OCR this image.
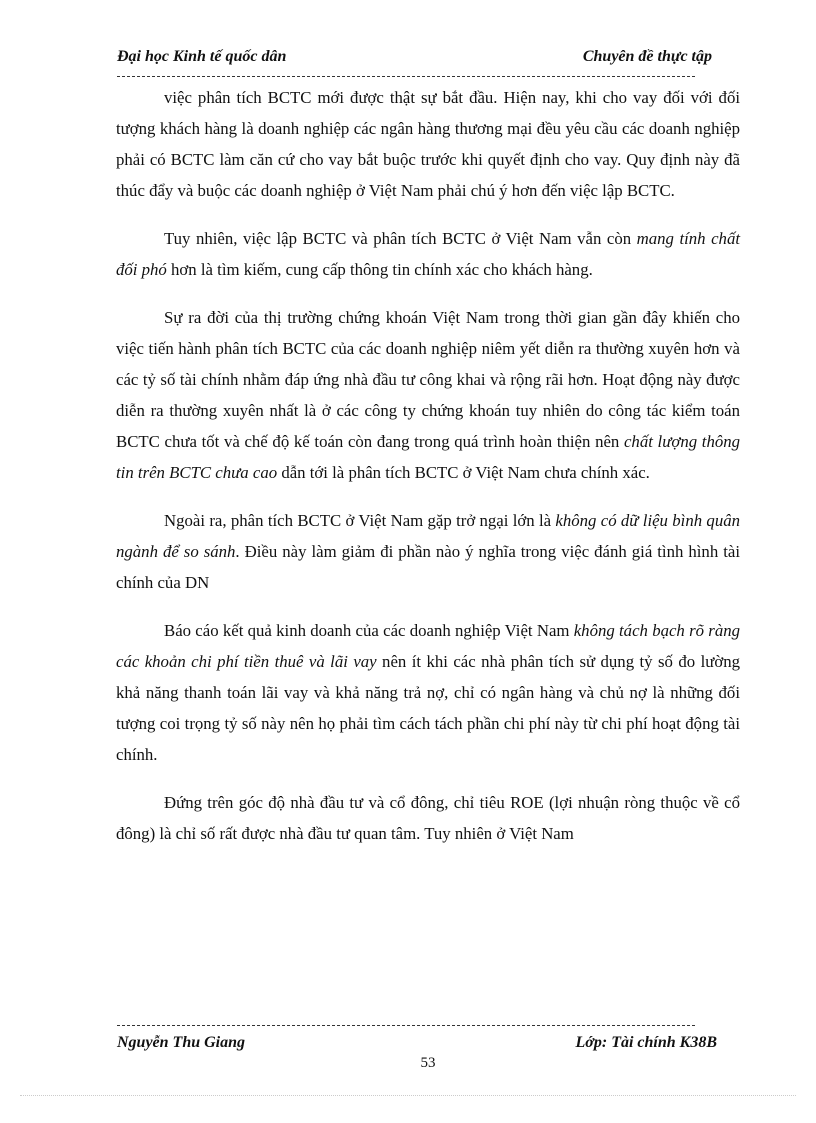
Đại học Kinh tế quốc dân	Chuyên đề thực tập

việc phân tích BCTC mới được thật sự bắt đầu. Hiện nay, khi cho vay đối với đối tượng khách hàng là doanh nghiệp các ngân hàng thương mại đều yêu cầu các doanh nghiệp phải có BCTC làm căn cứ cho vay bắt buộc trước khi quyết định cho vay. Quy định này đã thúc đẩy và buộc các doanh nghiệp ở Việt Nam phải chú ý hơn đến việc lập BCTC.

Tuy nhiên, việc lập BCTC và phân tích BCTC ở Việt Nam vẫn còn mang tính chất đối phó hơn là tìm kiếm, cung cấp thông tin chính xác cho khách hàng.

Sự ra đời của thị trường chứng khoán Việt Nam trong thời gian gần đây khiến cho việc tiến hành phân tích BCTC của các doanh nghiệp niêm yết diễn ra thường xuyên hơn và các tỷ số tài chính nhằm đáp ứng nhà đầu tư công khai và rộng rãi hơn. Hoạt động này được diễn ra thường xuyên nhất là ở các công ty chứng khoán tuy nhiên do công tác kiểm toán BCTC chưa tốt và chế độ kế toán còn đang trong quá trình hoàn thiện nên chất lượng thông tin trên BCTC chưa cao dẫn tới là phân tích BCTC ở Việt Nam chưa chính xác.

Ngoài ra, phân tích BCTC ở Việt Nam gặp trở ngại lớn là không có dữ liệu bình quân ngành để so sánh. Điều này làm giảm đi phần nào ý nghĩa trong việc đánh giá tình hình tài chính của DN

Báo cáo kết quả kinh doanh của các doanh nghiệp Việt Nam không tách bạch rõ ràng các khoản chi phí tiền thuê và lãi vay nên ít khi các nhà phân tích sử dụng tỷ số đo lường khả năng thanh toán lãi vay và khả năng trả nợ, chỉ có ngân hàng và chủ nợ là những đối tượng coi trọng tỷ số này nên họ phải tìm cách tách phần chi phí này từ chi phí hoạt động tài chính.

Đứng trên góc độ nhà đầu tư và cổ đông, chỉ tiêu ROE (lợi nhuận ròng thuộc về cổ đông) là chỉ số rất được nhà đầu tư quan tâm. Tuy nhiên ở Việt Nam

Nguyễn Thu Giang	Lớp: Tài chính K38B
53
